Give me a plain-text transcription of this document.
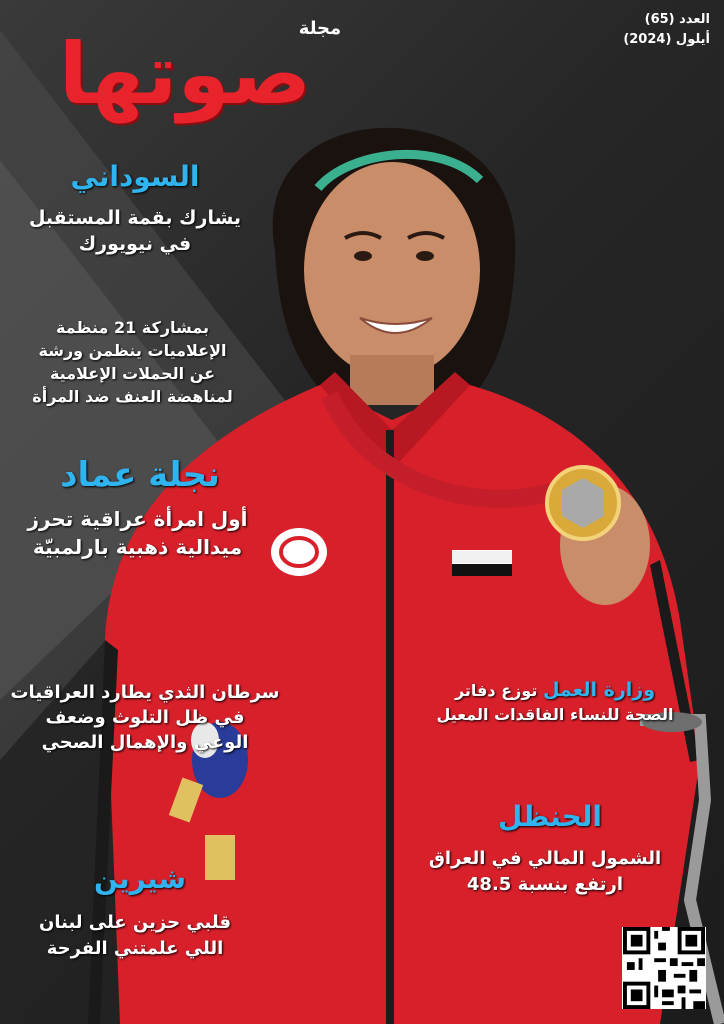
مجلة
صوتها
العدد (65)
أيلول (2024)
السوداني
يشارك بقمة المستقبل
في نيويورك
بمشاركة 21 منظمة
الإعلاميات ينظمن ورشة
عن الحملات الإعلامية
لمناهضة العنف ضد المرأة
نجلة عماد
أول امرأة عراقية تحرز
ميدالية ذهبية بارلمبيّة
سرطان الثدي يطارد العراقيات
في ظل التلوث وضعف
الوعي والإهمال الصحي
وزارة العمل توزع دفاتر
الصحة للنساء الفاقدات المعيل
الحنظل
الشمول المالي في العراق
ارتفع بنسبة 48.5
شيرين
قلبي حزين على لبنان
اللي علمتني الفرحة
